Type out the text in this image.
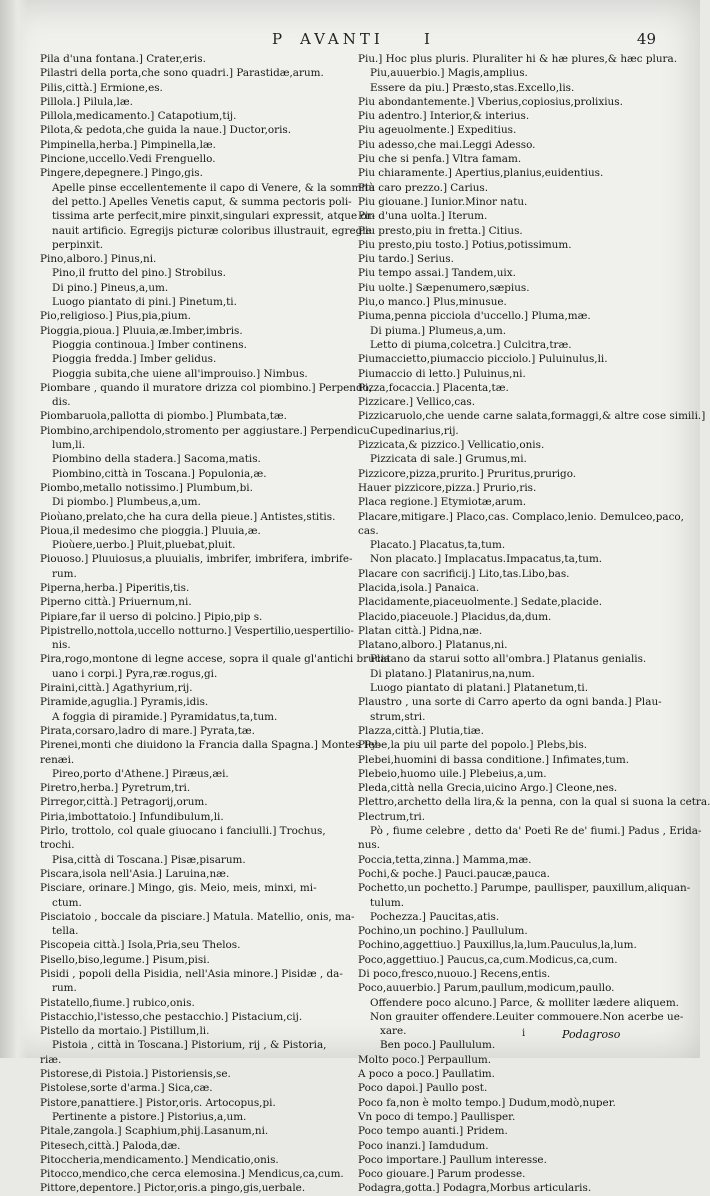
P AVANTI	I	49
Pila d'una fontana.] Crater,eris.
Pilastri della porta,che sono quadri.] Parastidæ,arum.
Pilis,città.] Ermione,es.
Pillola.] Pilula,læ.
Pillola,medicamento.] Catapotium,tij.
Pilota,& pedota,che guida la naue.] Ductor,oris.
Pimpinella,herba.] Pimpinella,læ.
Pincione,uccello.Vedi Frenguello.
Pingere,depegnere.] Pingo,gis.
Apelle pinse eccellentemente il capo di Venere, & la sommità
del petto.] Apelles Venetis caput, & summa pectoris poli-
tissima arte perfecit,mire pinxit,singulari expressit, atque or-
nauit artificio. Egregijs picturæ coloribus illustrauit, egregie
perpinxit.
Pino,alboro.] Pinus,ni.
Pino,il frutto del pino.] Strobilus.
Di pino.] Pineus,a,um.
Luogo piantato di pini.] Pinetum,ti.
Pio,religioso.] Pius,pia,pium.
Pioggia,pioua.] Pluuia,æ.Imber,imbris.
Pioggia continoua.] Imber continens.
Pioggia fredda.] Imber gelidus.
Pioggia subita,che uiene all'improuiso.] Nimbus.
Piombare , quando il muratore drizza col piombino.] Perpendo,
dis.
Piombaruola,pallotta di piombo.] Plumbata,tæ.
Piombino,archipendolo,stromento per aggiustare.] Perpendicu-
lum,li.
Piombino della stadera.] Sacoma,matis.
Piombino,città in Toscana.] Populonia,æ.
Piombo,metallo notissimo.] Plumbum,bi.
Di piombo.] Plumbeus,a,um.
Pioùano,prelato,che ha cura della pieue.] Antistes,stitis.
Pioua,il medesimo che pioggia.] Pluuia,æ.
Pioùere,uerbo.] Pluit,pluebat,pluit.
Piouoso.] Pluuiosus,a pluuialis, imbrifer, imbrifera, imbrife-
rum.
Piperna,herba.] Piperitis,tis.
Piperno città.] Priuernum,ni.
Pipiare,far il uerso di polcino.] Pipio,pip s.
Pipistrello,nottola,uccello notturno.] Vespertilio,uespertilio-
nis.
Pira,rogo,montone di legne accese, sopra il quale gl'antichi brucia
uano i corpi.] Pyra,ræ.rogus,gi.
Piraini,città.] Agathyrium,rij.
Piramide,aguglia.] Pyramis,idis.
A foggia di piramide.] Pyramidatus,ta,tum.
Pirata,corsaro,ladro di mare.] Pyrata,tæ.
Pirenei,monti che diuidono la Francia dalla Spagna.] Montes Py-
renæi.
Pireo,porto d'Athene.] Piræus,æi.
Piretro,herba.] Pyretrum,tri.
Pirregor,città.] Petragorij,orum.
Piria,imbottatoio.] Infundibulum,li.
Pirlo, trottolo, col quale giuocano i fanciulli.] Trochus,
trochi.
Pisa,città di Toscana.] Pisæ,pisarum.
Piscara,isola nell'Asia.] Laruina,næ.
Pisciare, orinare.] Mingo, gis. Meio, meis, minxi, mi-
ctum.
Pisciatoio , boccale da pisciare.] Matula. Matellio, onis, ma-
tella.
Piscopeia città.] Isola,Pria,seu Thelos.
Pisello,biso,legume.] Pisum,pisi.
Pisidi , popoli della Pisidia, nell'Asia minore.] Pisidæ , da-
rum.
Pistatello,fiume.] rubico,onis.
Pistacchio,l'istesso,che pestacchio.] Pistacium,cij.
Pistello da mortaio.] Pistillum,li.
Pistoia , città in Toscana.] Pistorium, rij , & Pistoria,
riæ.
Pistorese,di Pistoia.] Pistoriensis,se.
Pistolese,sorte d'arma.] Sica,cæ.
Pistore,panattiere.] Pistor,oris. Artocopus,pi.
Pertinente a pistore.] Pistorius,a,um.
Pitale,zangola.] Scaphium,phij.Lasanum,ni.
Pitesech,città.] Paloda,dæ.
Pitoccheria,mendicamento.] Mendicatio,onis.
Pitocco,mendico,che cerca elemosina.] Mendicus,ca,cum.
Pittore,depentore.] Pictor,oris.a pingo,gis,uerbale.
Piu.] Hoc plus pluris. Pluraliter hi & hæ plures,& hæc plura.
Piu,auuerbio.] Magis,amplius.
Essere da piu.] Præsto,stas.Excello,lis.
Piu abondantemente.] Vberius,copiosius,prolixius.
Piu adentro.] Interior,& interius.
Piu ageuolmente.] Expeditius.
Piu adesso,che mai.Leggi Adesso.
Piu che si penfa.] Vltra famam.
Piu chiaramente.] Apertius,planius,euidentius.
Piu caro prezzo.] Carius.
Piu giouane.] Iunior.Minor natu.
Piu d'una uolta.] Iterum.
Piu presto,piu in fretta.] Citius.
Piu presto,piu tosto.] Potius,potissimum.
Piu tardo.] Serius.
Piu tempo assai.] Tandem,uix.
Piu uolte.] Sæpenumero,sæpius.
Piu,o manco.] Plus,minusue.
Piuma,penna picciola d'uccello.] Pluma,mæ.
Di piuma.] Plumeus,a,um.
Letto di piuma,colcetra.] Culcitra,træ.
Piumaccietto,piumaccio picciolo.] Puluinulus,li.
Piumaccio di letto.] Puluinus,ni.
Pizza,focaccia.] Placenta,tæ.
Pizzicare.] Vellico,cas.
Pizzicaruolo,che uende carne salata,formaggi,& altre cose simili.]
Cupedinarius,rij.
Pizzicata,& pizzico.] Vellicatio,onis.
Pizzicata di sale.] Grumus,mi.
Pizzicore,pizza,prurito.] Pruritus,prurigo.
Hauer pizzicore,pizza.] Prurio,ris.
Placa regione.] Etymiotæ,arum.
Placare,mitigare.] Placo,cas. Complaco,lenio. Demulceo,paco,
cas.
Placato.] Placatus,ta,tum.
Non placato.] Implacatus.Impacatus,ta,tum.
Placare con sacrificij.] Lito,tas.Libo,bas.
Placida,isola.] Panaica.
Placidamente,piaceuolmente.] Sedate,placide.
Placido,piaceuole.] Placidus,da,dum.
Platan città.] Pidna,næ.
Platano,alboro.] Platanus,ni.
Platano da starui sotto all'ombra.] Platanus genialis.
Di platano.] Platanirus,na,num.
Luogo piantato di platani.] Platanetum,ti.
Plaustro , una sorte di Carro aperto da ogni banda.] Plau-
strum,stri.
Plazza,città.] Plutia,tiæ.
Plebe,la piu uil parte del popolo.] Plebs,bis.
Plebei,huomini di bassa conditione.] Infimates,tum.
Plebeio,huomo uile.] Plebeius,a,um.
Pleda,città nella Grecia,uicino Argo.] Cleone,nes.
Plettro,archetto della lira,& la penna, con la qual si suona la cetra.
Plectrum,tri.
Pò , fiume celebre , detto da' Poeti Re de' fiumi.] Padus , Erida-
nus.
Poccia,tetta,zinna.] Mamma,mæ.
Pochi,& poche.] Pauci.paucæ,pauca.
Pochetto,un pochetto.] Parumpe, paullisper, pauxillum,aliquan-
tulum.
Pochezza.] Paucitas,atis.
Pochino,un pochino.] Paullulum.
Pochino,aggettiuo.] Pauxillus,la,lum.Pauculus,la,lum.
Poco,aggettiuo.] Paucus,ca,cum.Modicus,ca,cum.
Di poco,fresco,nuouo.] Recens,entis.
Poco,auuerbio.] Parum,paullum,modicum,paullo.
Offendere poco alcuno.] Parce, & molliter lædere aliquem.
Non grauiter offendere.Leuiter commouere.Non acerbe ue-
xare.
Ben poco.] Paullulum.
Molto poco.] Perpaullum.
A poco a poco.] Paullatim.
Poco dapoi.] Paullo post.
Poco fa,non è molto tempo.] Dudum,modò,nuper.
Vn poco di tempo.] Paullisper.
Poco tempo auanti.] Pridem.
Poco inanzi.] Iamdudum.
Poco importare.] Paullum interesse.
Poco giouare.] Parum prodesse.
Podagra,gotta.] Podagra,Morbus articularis.
i	Podagroso
